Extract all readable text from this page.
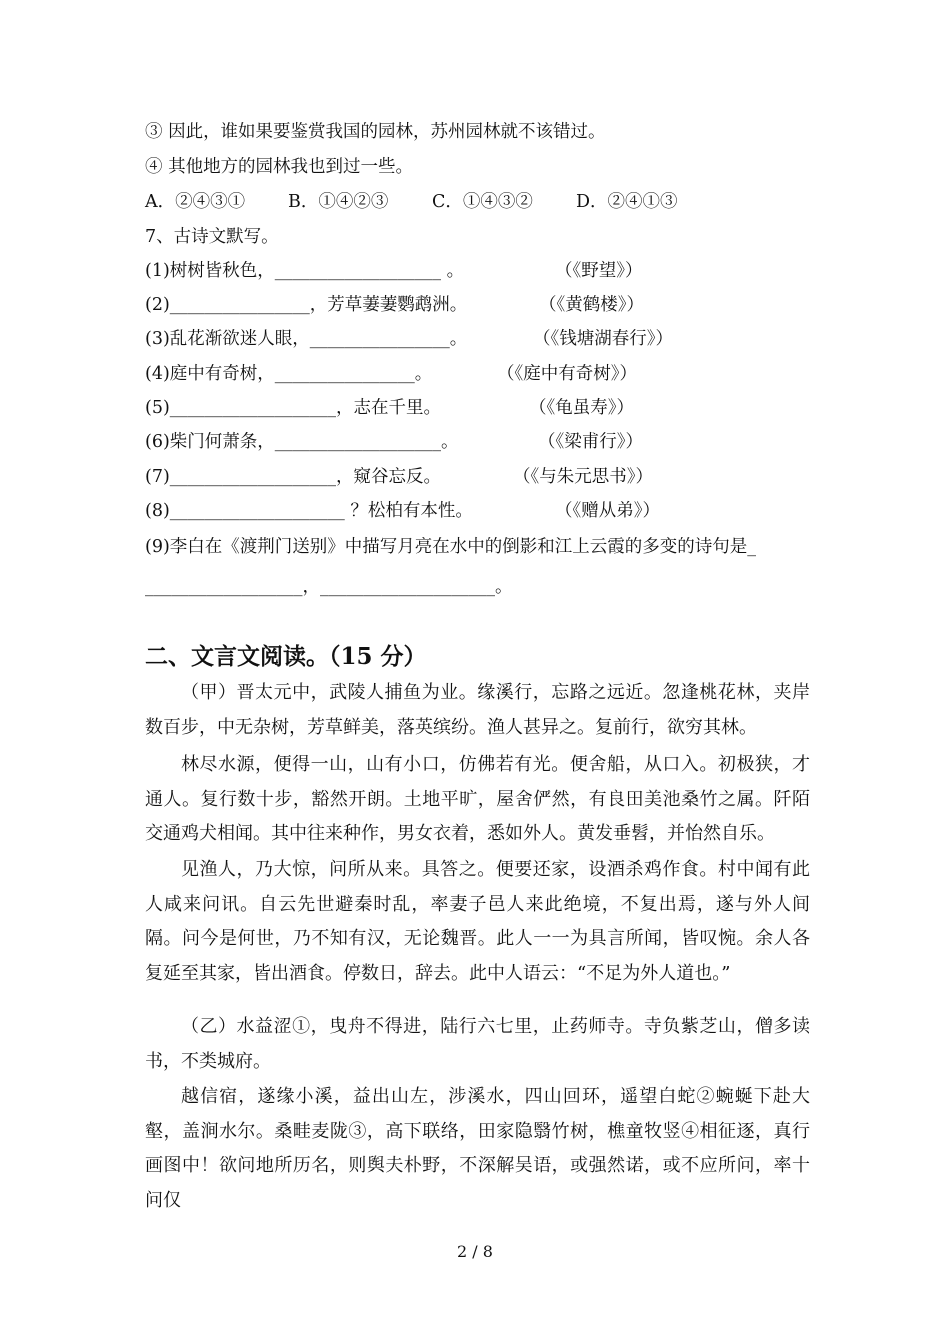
③ 因此，谁如果要鉴赏我国的园林，苏州园林就不该错过。
④ 其他地方的园林我也到过一些。
A．②④③① B．①④②③ C．①④③② D．②④①③
7、古诗文默写。
(1)树树皆秋色，___________________ 。	（《野望》）
(2)________________，芳草萋萋鹦鹉洲。	（《黄鹤楼》）
(3)乱花渐欲迷人眼，________________。	（《钱塘湖春行》）
(4)庭中有奇树，________________。	（《庭中有奇树》）
(5)___________________，志在千里。	（《龟虽寿》）
(6)柴门何萧条，___________________。	（《梁甫行》）
(7)___________________，窥谷忘反。	（《与朱元思书》）
(8)____________________ ？松柏有本性。	（《赠从弟》）
(9)李白在《渡荆门送别》中描写月亮在水中的倒影和江上云霞的多变的诗句是_
__________________，____________________。
二、文言文阅读。（15 分）
（甲）晋太元中，武陵人捕鱼为业。缘溪行，忘路之远近。忽逢桃花林，夹岸数百步，中无杂树，芳草鲜美，落英缤纷。渔人甚异之。复前行，欲穷其林。
林尽水源，便得一山，山有小口，仿佛若有光。便舍船，从口入。初极狭，才通人。复行数十步，豁然开朗。土地平旷，屋舍俨然，有良田美池桑竹之属。阡陌交通鸡犬相闻。其中往来种作，男女衣着，悉如外人。黄发垂髫，并怡然自乐。
见渔人，乃大惊，问所从来。具答之。便要还家，设酒杀鸡作食。村中闻有此人咸来问讯。自云先世避秦时乱，率妻子邑人来此绝境，不复出焉，遂与外人间隔。问今是何世，乃不知有汉，无论魏晋。此人一一为具言所闻，皆叹惋。余人各复延至其家，皆出酒食。停数日，辞去。此中人语云：“不足为外人道也。”
（乙）水益涩①，曳舟不得进，陆行六七里，止药师寺。寺负紫芝山，僧多读书，不类城府。
越信宿，遂缘小溪，益出山左，涉溪水，四山回环，遥望白蛇②蜿蜒下赴大壑，盖涧水尔。桑畦麦陇③，高下联络，田家隐翳竹树，樵童牧竖④相征逐，真行画图中！欲问地所历名，则舆夫朴野，不深解吴语，或强然诺，或不应所问，率十问仅
2 / 8
